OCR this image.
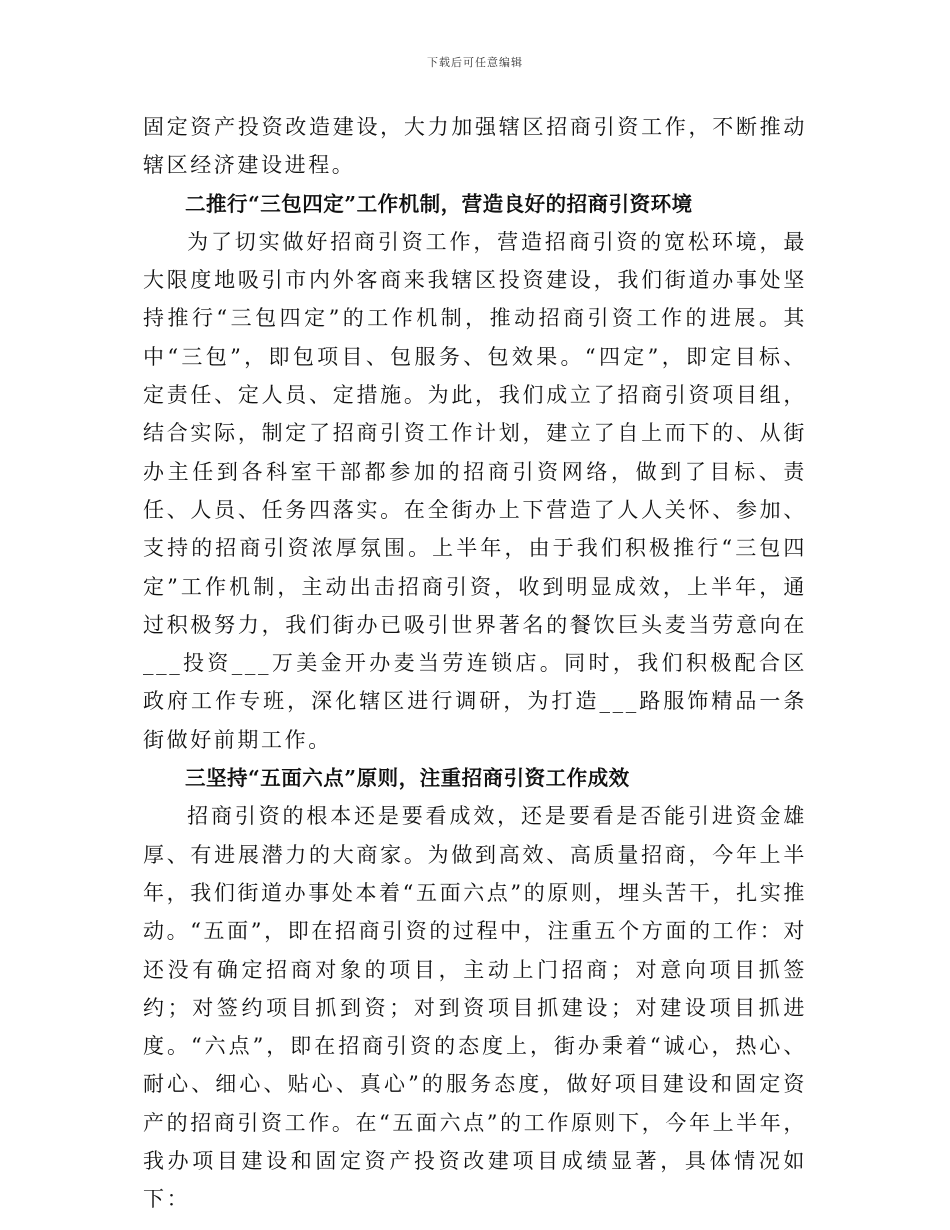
下载后可任意编辑

固定资产投资改造建设，大力加强辖区招商引资工作，不断推动辖区经济建设进程。

二推行“三包四定”工作机制，营造良好的招商引资环境

为了切实做好招商引资工作，营造招商引资的宽松环境，最大限度地吸引市内外客商来我辖区投资建设，我们街道办事处坚持推行“三包四定”的工作机制，推动招商引资工作的进展。其中“三包”，即包项目、包服务、包效果。“四定”，即定目标、定责任、定人员、定措施。为此，我们成立了招商引资项目组，结合实际，制定了招商引资工作计划，建立了自上而下的、从街办主任到各科室干部都参加的招商引资网络，做到了目标、责任、人员、任务四落实。在全街办上下营造了人人关怀、参加、支持的招商引资浓厚氛围。上半年，由于我们积极推行“三包四定”工作机制，主动出击招商引资，收到明显成效，上半年，通过积极努力，我们街办已吸引世界著名的餐饮巨头麦当劳意向在___投资___万美金开办麦当劳连锁店。同时，我们积极配合区政府工作专班，深化辖区进行调研，为打造___路服饰精品一条街做好前期工作。

三坚持“五面六点”原则，注重招商引资工作成效

招商引资的根本还是要看成效，还是要看是否能引进资金雄厚、有进展潜力的大商家。为做到高效、高质量招商，今年上半年，我们街道办事处本着“五面六点”的原则，埋头苦干，扎实推动。“五面”，即在招商引资的过程中，注重五个方面的工作：对还没有确定招商对象的项目，主动上门招商；对意向项目抓签约；对签约项目抓到资；对到资项目抓建设；对建设项目抓进度。“六点”，即在招商引资的态度上，街办秉着“诚心，热心、耐心、细心、贴心、真心”的服务态度，做好项目建设和固定资产的招商引资工作。在“五面六点”的工作原则下，今年上半年，我办项目建设和固定资产投资改建项目成绩显著，具体情况如下：
